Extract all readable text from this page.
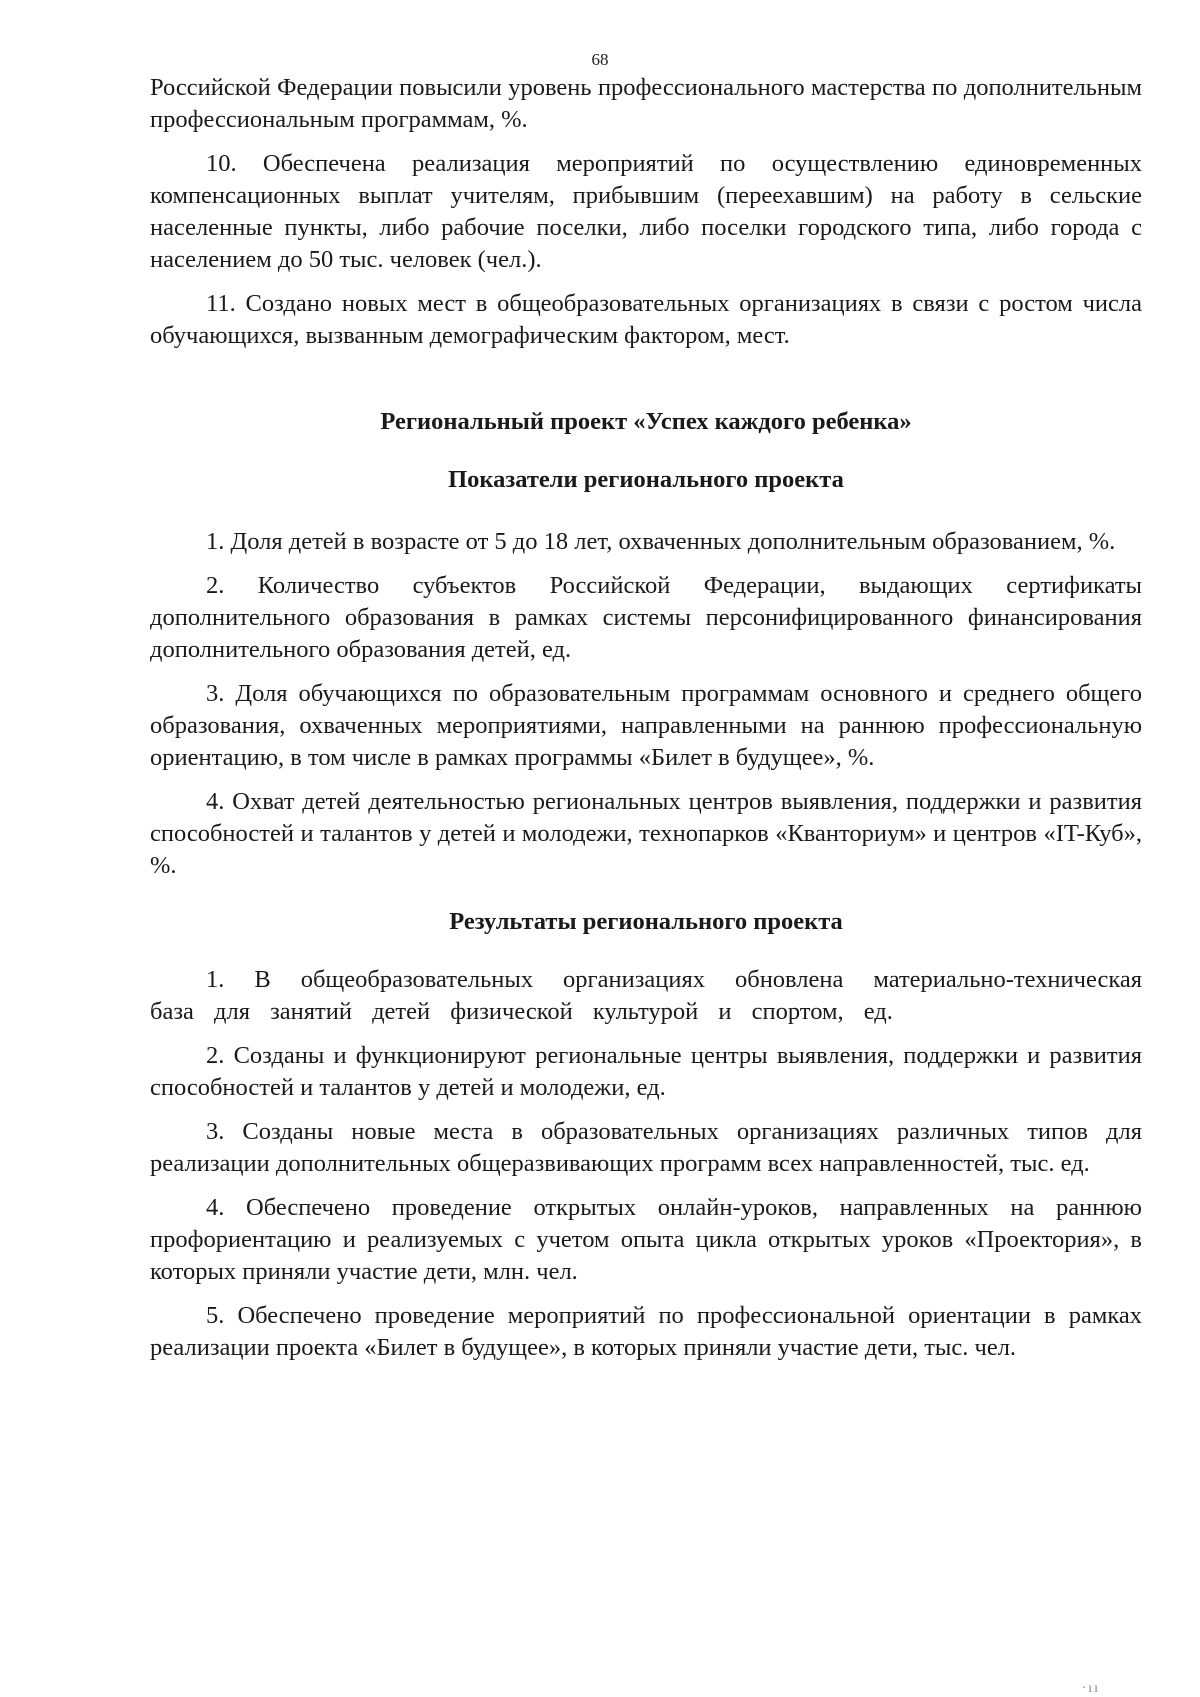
68

Российской Федерации повысили уровень профессионального мастерства по дополнительным профессиональным программам, %.

10. Обеспечена реализация мероприятий по осуществлению единовременных компенсационных выплат учителям, прибывшим (переехавшим) на работу в сельские населенные пункты, либо рабочие поселки, либо поселки городского типа, либо города с населением до 50 тыс. человек (чел.).

11. Создано новых мест в общеобразовательных организациях в связи с ростом числа обучающихся, вызванным демографическим фактором, мест.

Региональный проект «Успех каждого ребенка»
Показатели регионального проекта

1. Доля детей в возрасте от 5 до 18 лет, охваченных дополнительным образованием, %.

2. Количество субъектов Российской Федерации, выдающих сертификаты дополнительного образования в рамках системы персонифицированного финансирования дополнительного образования детей, ед.

3. Доля обучающихся по образовательным программам основного и среднего общего образования, охваченных мероприятиями, направленными на раннюю профессиональную ориентацию, в том числе в рамках программы «Билет в будущее», %.

4. Охват детей деятельностью региональных центров выявления, поддержки и развития способностей и талантов у детей и молодежи, технопарков «Кванториум» и центров «IT-Куб», %.

Результаты регионального проекта

1. В общеобразовательных организациях обновлена материально-техническая база для занятий детей физической культурой и спортом, ед.

2. Созданы и функционируют региональные центры выявления, поддержки и развития способностей и талантов у детей и молодежи, ед.

3. Созданы новые места в образовательных организациях различных типов для реализации дополнительных общеразвивающих программ всех направленностей, тыс. ед.

4. Обеспечено проведение открытых онлайн-уроков, направленных на раннюю профориентацию и реализуемых с учетом опыта цикла открытых уроков «Проектория», в которых приняли участие дети, млн. чел.

5. Обеспечено проведение мероприятий по профессиональной ориентации в рамках реализации проекта «Билет в будущее», в которых приняли участие дети, тыс. чел.

·ıı
